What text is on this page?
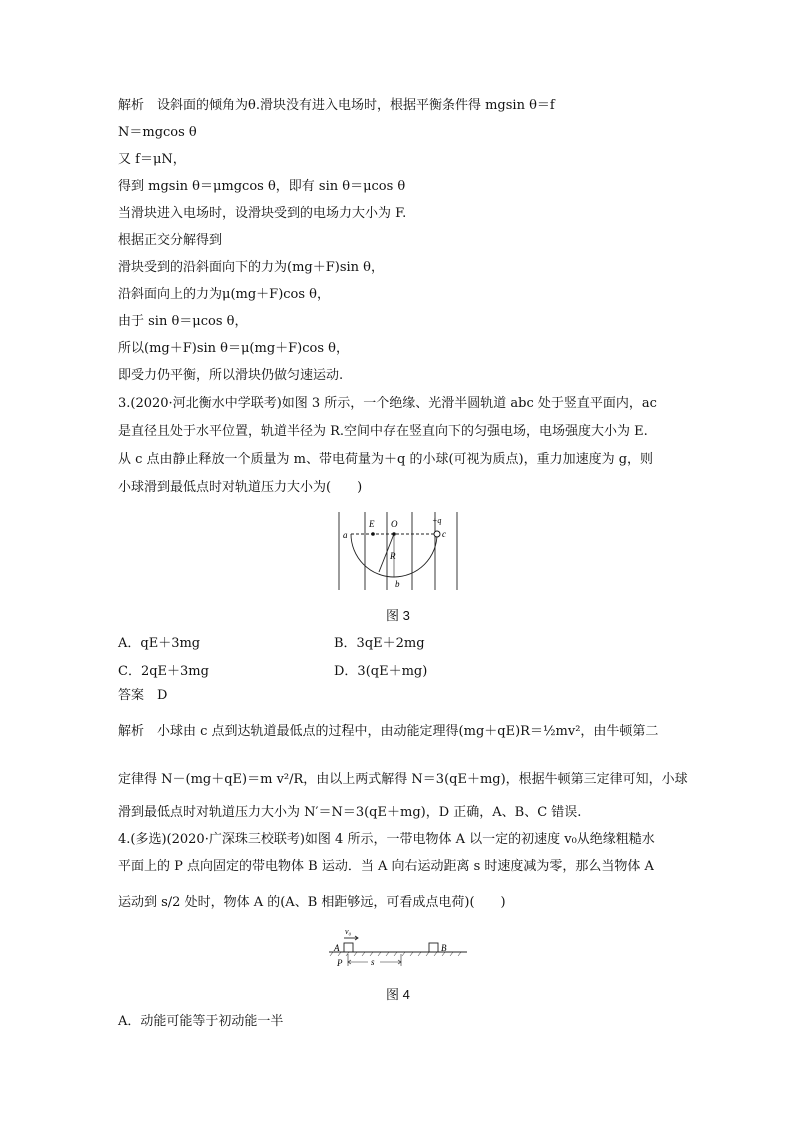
解析　设斜面的倾角为θ.滑块没有进入电场时，根据平衡条件得 mgsin θ＝f
N＝mgcos θ
又 f＝μN，
得到 mgsin θ＝μmgcos θ，即有 sin θ＝μcos θ
当滑块进入电场时，设滑块受到的电场力大小为 F.
根据正交分解得到
滑块受到的沿斜面向下的力为(mg＋F)sin θ，
沿斜面向上的力为μ(mg＋F)cos θ，
由于 sin θ＝μcos θ，
所以(mg＋F)sin θ＝μ(mg＋F)cos θ，
即受力仍平衡，所以滑块仍做匀速运动.
3.(2020·河北衡水中学联考)如图 3 所示，一个绝缘、光滑半圆轨道 abc 处于竖直平面内，ac
是直径且处于水平位置，轨道半径为 R.空间中存在竖直向下的匀强电场，电场强度大小为 E.
从 c 点由静止释放一个质量为 m、带电荷量为＋q 的小球(可视为质点)，重力加速度为 g，则
小球滑到最低点时对轨道压力大小为(　　)
a
E O	+q
c
R
b
图 3
A．qE＋3mg	B．3qE＋2mg
C．2qE＋3mg	D．3(qE＋mg)
答案　D
解析　小球由 c 点到达轨道最低点的过程中，由动能定理得(mg＋qE)R＝½mv²，由牛顿第二
定律得 N－(mg＋qE)＝m v²/R，由以上两式解得 N＝3(qE＋mg)，根据牛顿第三定律可知，小球
滑到最低点时对轨道压力大小为 N′＝N＝3(qE＋mg)，D 正确，A、B、C 错误.
4.(多选)(2020·广深珠三校联考)如图 4 所示，一带电物体 A 以一定的初速度 v₀从绝缘粗糙水
平面上的 P 点向固定的带电物体 B 运动．当 A 向右运动距离 s 时速度减为零，那么当物体 A
运动到 s/2 处时，物体 A 的(A、B 相距够远，可看成点电荷)(　　)
v₀
A	B
P	s
图 4
A．动能可能等于初动能一半
